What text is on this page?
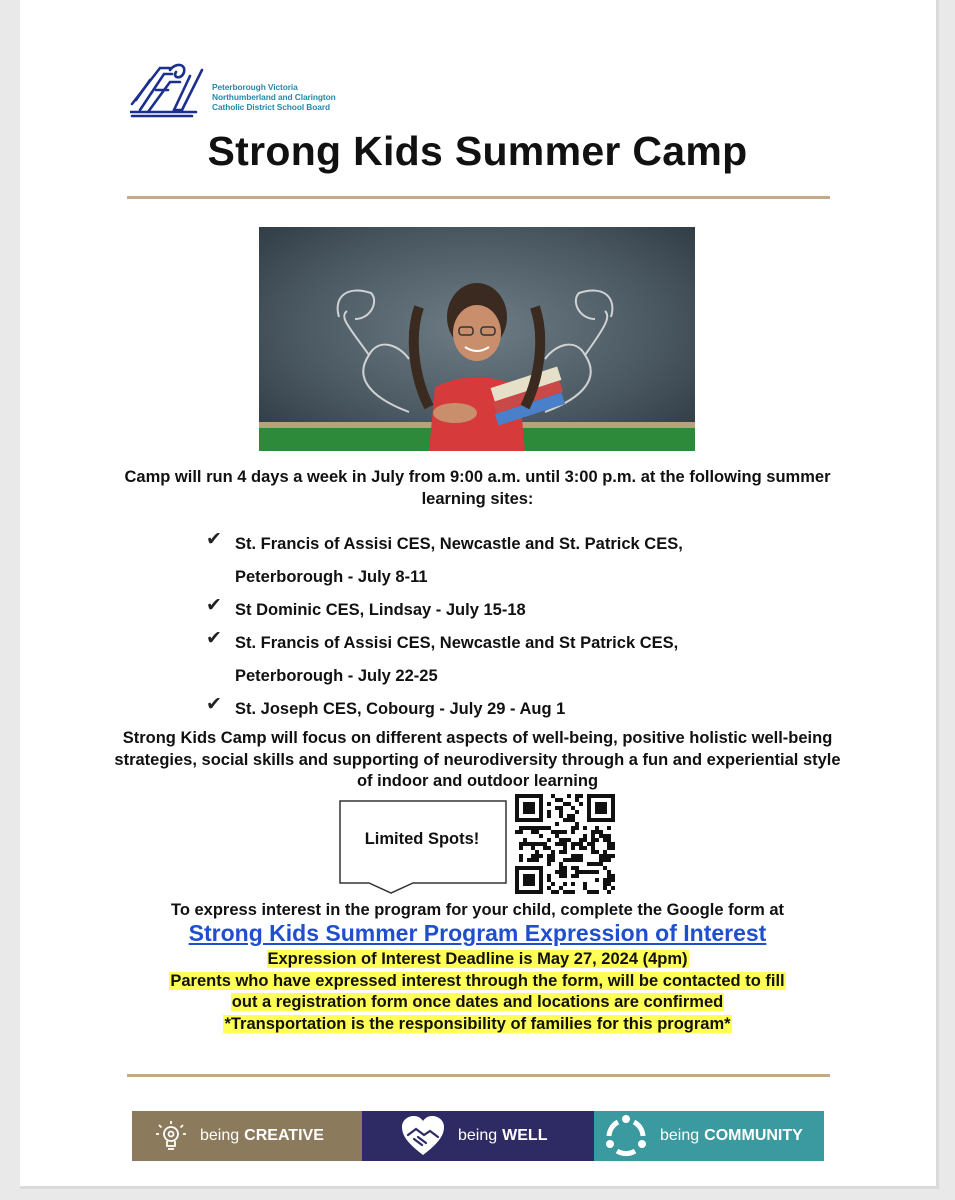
Peterborough Victoria
Northumberland and Clarington
Catholic District School Board
Strong Kids Summer Camp
Camp will run 4 days a week in July from 9:00 a.m. until 3:00 p.m. at the following summer learning sites:
✔ St. Francis of Assisi CES, Newcastle and St. Patrick CES,
Peterborough - July 8-11
✔ St Dominic CES, Lindsay - July 15-18
✔ St. Francis of Assisi CES, Newcastle and St Patrick CES,
Peterborough - July 22-25
✔ St. Joseph CES, Cobourg - July 29 - Aug 1
Strong Kids Camp will focus on different aspects of well-being, positive holistic well-being strategies, social skills and supporting of neurodiversity through a fun and experiential style of indoor and outdoor learning
Limited Spots!
To express interest in the program for your child, complete the Google form at
Strong Kids Summer Program Expression of Interest
Expression of Interest Deadline is May 27, 2024 (4pm)
Parents who have expressed interest through the form, will be contacted to fill
out a registration form once dates and locations are confirmed
*Transportation is the responsibility of families for this program*
being CREATIVE	being WELL	being COMMUNITY
